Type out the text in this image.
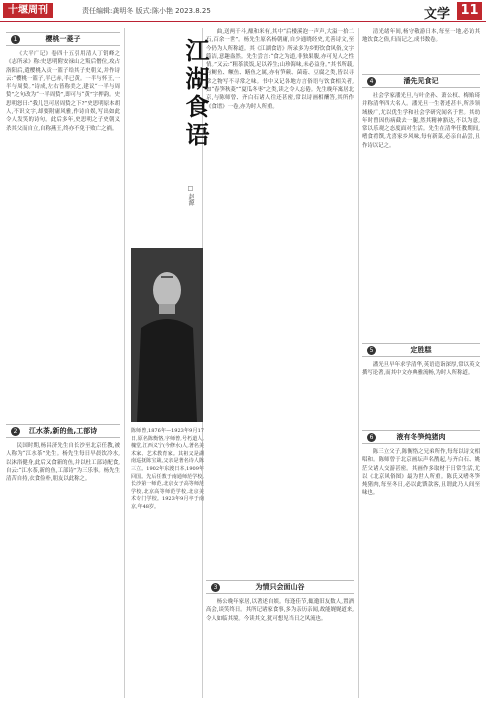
十堰周刊	责任编辑:龚明冬 版式:陈小艳 2023.8.25	文学 11
1	樱桃一菱子
《大平广记》卷四十五引用清人丁钥峰之《志所录》称:史思明附安禄山之叛后僭位,攻占洛阳后,遣樱桃入贡一篮子给其子史朝义,并作诗云:“樱桃一篮子,半已赤,半已黄。一半与怀王,一半与周贽。”诗成,左右皆称美之,建议“一半与周贽”之句改为“一半周贽”,即可与“黄”字押韵。史思明怒曰:“我儿岂可居周贽之下?”史思明原本胡人,不识文字,却要附庸风雅,作诗自娱,写出如此令人发笑的诗句。此后多年,史思明之子史朝义杀其父而自立,自称燕王,终亦不免于败亡之祸。
2	江水茶,新的鱼,工部诗
民国时期,杨昌济先生自长沙至北京任教,被人称为“江水茶”先生。杨先生每日早晨饮冷水,以沐浴健身,此后又食新的鱼,并以杜工部诗配食,自云:“江水茶,新的鱼,工部诗”为三乐事。杨先生清苦自持,衣食俭朴,朋友以此称之。
江湖食语
□ 赵源
陈师曾,1876年—1923年9月17日,原名陈衡恪,字师曾,号朽道人,槐堂,江西义宁(今修水)人,著名美术家、艺术教育家。其祖父是湖南巡抚陈宝箴,父亲是著名诗人陈三立。1902年东渡日本,1909年回国。先后任教于南通师范学校,长沙第一师范,北京女子高等师范学校,北京高等师范学校,北京美术专门学校。1923年9月卒于南京,年48岁。
曲,送两千斗,酿和米有,其中“后楼溪泡一声声,大溢一拾二石,百余一世”。杨先生原名杨朝庸,自少通晓经史,尤善诗文,至今仍为人所称道。其《江湖食语》所录多为乡野饮食风俗,文字简洁,意趣盎然。先生尝言:“食之为道,非独果腹,亦可见人之性情。”又云:“粗茶淡饭,足以养生;山珍海味,未必益身。”其书所载,有鲥鱼、鳜鱼、鳝鱼之属,亦有笋蕨、菌菇、豆腐之类,皆以寻常之物写不寻常之味。书中又记各地方言俗语与饮食相关者,如“春笋秋菱”“夏瓜冬枣”之类,读之令人忘倦。先生晚年寓居北京,与陈师曾、齐白石诸人往还甚密,常以诗画相酬答,其所作《食谱》一卷,亦为时人所重。
3	为情只会面山谷
杨公晚年家居,以著述自娱。每逢佳节,辄邀旧友数人,置酒高会,谈笑终日。其所记诸家食事,多为亲历亲闻,故能娓娓道来,令人如临其境。今读其文,犹可想见当日之风流也。
清光绪年间,杨守敬游日本,每至一地,必访其地饮食之俗,归而记之,成书数卷。
4	潘先见食记
社会学家潘光旦,与叶企孙、萧公权、梅贻琦并称清华四大名人。潘光旦一生著述甚丰,所涉领域极广,尤以优生学和社会学研究闻名于世。其幼年时曾因伤病截去一腿,然其精神豁达,不以为意,常以乐观之态度面对生活。先生在清华任教期间,嗜食肴馔,尤喜家乡风味,每有新菜,必亲自品尝,且作诗以记之。
5	定胜糕
潘光旦早年求学清华,英语造诣深厚,常以英文撰写论著,而其中文亦典雅流畅,为时人所称道。
6	液有冬笋炖猪肉
陈三立父子,陈衡恪之兄弟所作,每每以诗文相唱和。陈师曾于北京画坛声名鹊起,与齐白石、姚茫父诸人交游甚密。其画作多取材于日常生活,尤以《北京风俗图》最为世人所重。陈氏又嗜冬笋炖猪肉,每至冬日,必以此馔款客,且谓此乃人间至味也。
